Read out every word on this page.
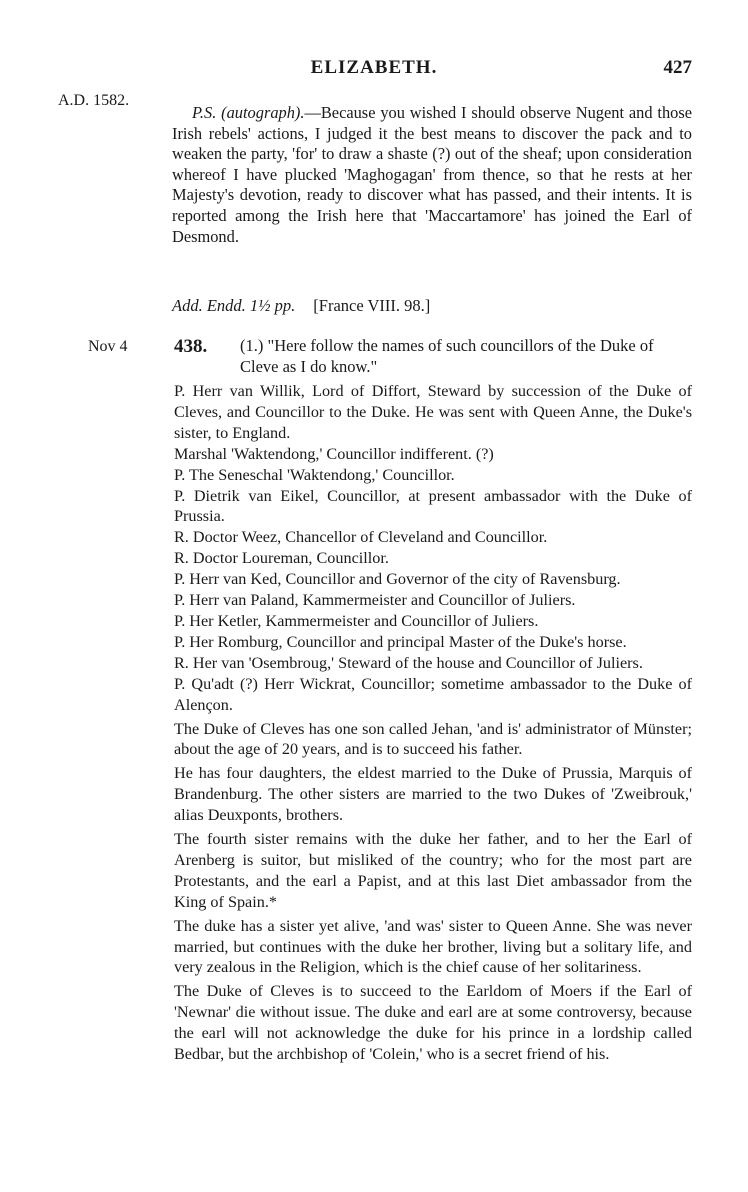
ELIZABETH.	427
A.D. 1582.

P.S. (autograph).—Because you wished I should observe Nugent and those Irish rebels' actions, I judged it the best means to discover the pack and to weaken the party, 'for' to draw a shaste (?) out of the sheaf; upon consideration whereof I have plucked 'Maghogagan' from thence, so that he rests at her Majesty's devotion, ready to discover what has passed, and their intents. It is reported among the Irish here that 'Maccartamore' has joined the Earl of Desmond.

Add. Endd. 1½ pp. [France VIII. 98.]
Nov 4 438. (1.) "Here follow the names of such councillors of the Duke of Cleve as I do know."

P. Herr van Willik, Lord of Diffort, Steward by succession of the Duke of Cleves, and Councillor to the Duke. He was sent with Queen Anne, the Duke's sister, to England.

Marshal 'Waktendong,' Councillor indifferent. (?)

P. The Seneschal 'Waktendong,' Councillor.

P. Dietrik van Eikel, Councillor, at present ambassador with the Duke of Prussia.

R. Doctor Weez, Chancellor of Cleveland and Councillor.

R. Doctor Loureman, Councillor.

P. Herr van Ked, Councillor and Governor of the city of Ravensburg.

P. Herr van Paland, Kammermeister and Councillor of Juliers.

P. Her Ketler, Kammermeister and Councillor of Juliers.

P. Her Romburg, Councillor and principal Master of the Duke's horse.

R. Her van 'Osembroug,' Steward of the house and Councillor of Juliers.

P. Qu'adt (?) Herr Wickrat, Councillor; sometime ambassador to the Duke of Alençon.

The Duke of Cleves has one son called Jehan, 'and is' administrator of Münster; about the age of 20 years, and is to succeed his father.

He has four daughters, the eldest married to the Duke of Prussia, Marquis of Brandenburg. The other sisters are married to the two Dukes of 'Zweibrouk,' alias Deuxponts, brothers.

The fourth sister remains with the duke her father, and to her the Earl of Arenberg is suitor, but misliked of the country; who for the most part are Protestants, and the earl a Papist, and at this last Diet ambassador from the King of Spain.*

The duke has a sister yet alive, 'and was' sister to Queen Anne. She was never married, but continues with the duke her brother, living but a solitary life, and very zealous in the Religion, which is the chief cause of her solitariness.

The Duke of Cleves is to succeed to the Earldom of Moers if the Earl of 'Newnar' die without issue. The duke and earl are at some controversy, because the earl will not acknowledge the duke for his prince in a lordship called Bedbar, but the archbishop of 'Colein,' who is a secret friend of his.
